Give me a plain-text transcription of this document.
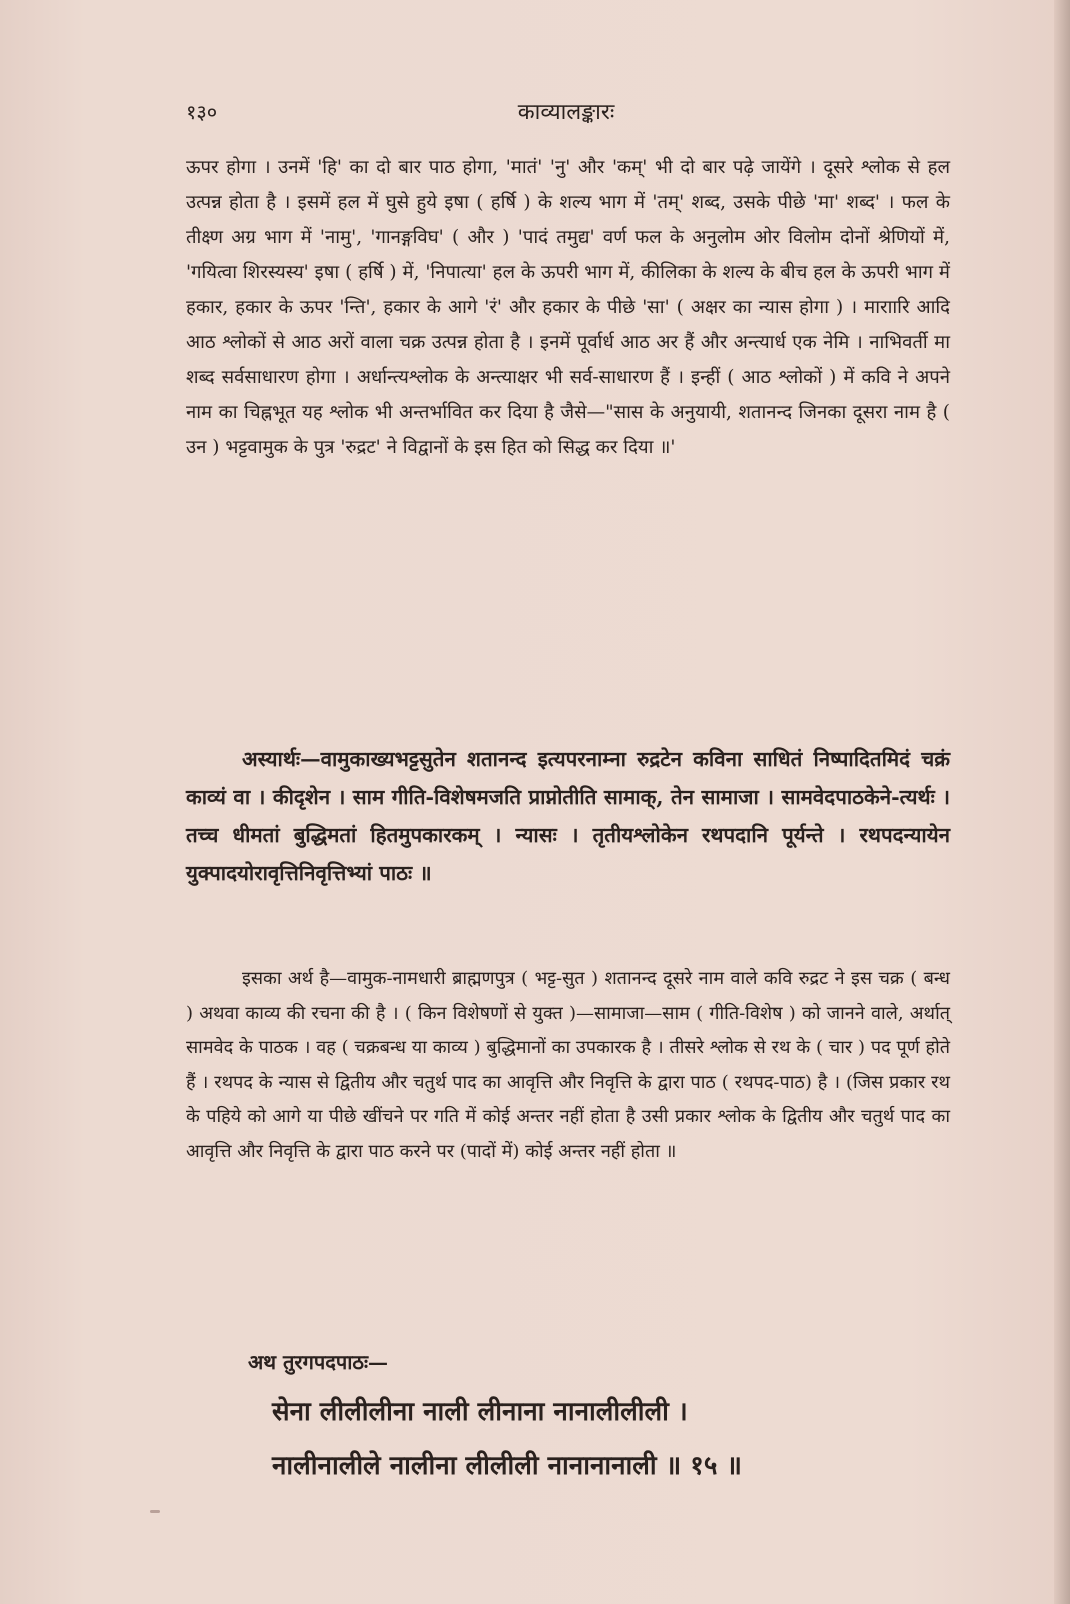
१३०	काव्यालङ्कारः
ऊपर होगा । उनमें 'हि' का दो बार पाठ होगा, 'मातं' 'नु' और 'कम्' भी दो बार पढ़े जायेंगे । दूसरे श्लोक से हल उत्पन्न होता है । इसमें हल में घुसे हुये इषा ( हर्षि ) के शल्य भाग में 'तम्' शब्द, उसके पीछे 'मा' शब्द' । फल के तीक्ष्ण अग्र भाग में 'नामु', 'गानङ्गविघ' ( और ) 'पादं तमुद्य' वर्ण फल के अनुलोम ओर विलोम दोनों श्रेणियों में, 'गयित्वा शिरस्यस्य' इषा ( हर्षि ) में, 'निपात्या' हल के ऊपरी भाग में, कीलिका के शल्य के बीच हल के ऊपरी भाग में हकार, हकार के ऊपर 'न्ति', हकार के आगे 'रं' और हकार के पीछे 'सा' ( अक्षर का न्यास होगा ) । माराारि आदि आठ श्लोकों से आठ अरों वाला चक्र उत्पन्न होता है । इनमें पूर्वार्ध आठ अर हैं और अन्त्यार्ध एक नेमि । नाभिवर्ती मा शब्द सर्वसाधारण होगा । अर्धान्त्यश्लोक के अन्त्याक्षर भी सर्व-साधारण हैं । इन्हीं ( आठ श्लोकों ) में कवि ने अपने नाम का चिह्नभूत यह श्लोक भी अन्तर्भावित कर दिया है जैसे—"सास के अनुयायी, शतानन्द जिनका दूसरा नाम है ( उन ) भट्टवामुक के पुत्र 'रुद्रट' ने विद्वानों के इस हित को सिद्ध कर दिया ॥'
अस्यार्थः—वामुकाख्यभट्टसुतेन शतानन्द इत्यपरनाम्ना रुद्रटेन कविना साधितं निष्पादितमिदं चक्रं काव्यं वा । कीदृशेन । साम गीति-विशेषमजति प्राप्नोतीति सामाक्, तेन सामाजा । सामवेदपाठकेने-त्यर्थः । तच्च धीमतां बुद्धिमतां हितमुपकारकम् । न्यासः । तृतीयश्लोकेन रथपदानि पूर्यन्ते । रथपदन्यायेन युक्पादयोरावृत्तिनिवृत्तिभ्यां पाठः ॥
इसका अर्थ है—वामुक-नामधारी ब्राह्मणपुत्र ( भट्ट-सुत ) शतानन्द दूसरे नाम वाले कवि रुद्रट ने इस चक्र ( बन्ध ) अथवा काव्य की रचना की है । ( किन विशेषणों से युक्त )—सामाजा—साम ( गीति-विशेष ) को जानने वाले, अर्थात् सामवेद के पाठक । वह ( चक्रबन्ध या काव्य ) बुद्धिमानों का उपकारक है । तीसरे श्लोक से रथ के ( चार ) पद पूर्ण होते हैं । रथपद के न्यास से द्वितीय और चतुर्थ पाद का आवृत्ति और निवृत्ति के द्वारा पाठ ( रथपद-पाठ) है । (जिस प्रकार रथ के पहिये को आगे या पीछे खींचने पर गति में कोई अन्तर नहीं होता है उसी प्रकार श्लोक के द्वितीय और चतुर्थ पाद का आवृत्ति और निवृत्ति के द्वारा पाठ करने पर (पादों में) कोई अन्तर नहीं होता ॥
अथ तुरगपदपाठः—
सेना लीलीलीना नाली लीनाना नानालीलीली ।
नालीनालीले नालीना लीलीली नानानानाली ॥ १५ ॥
